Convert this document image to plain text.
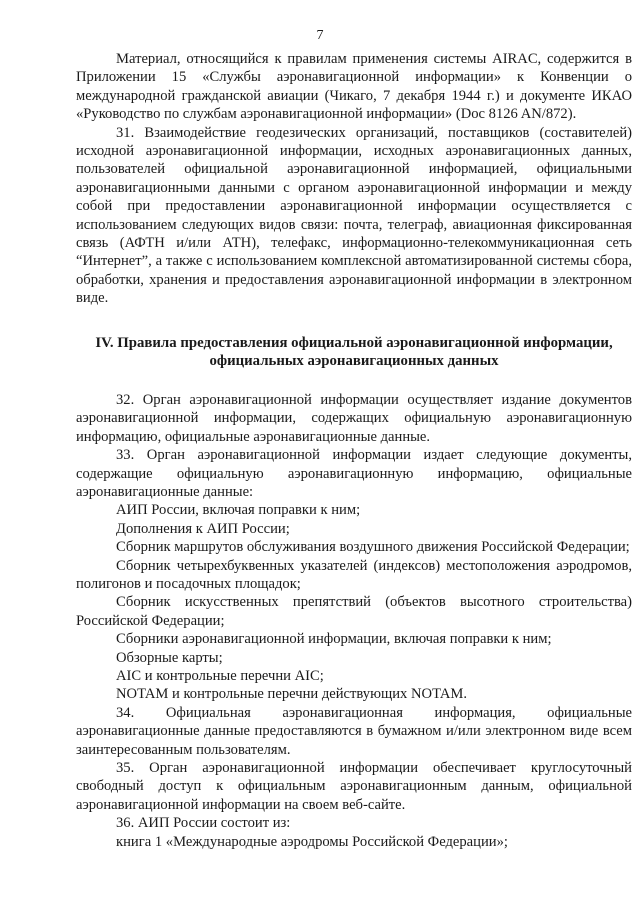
7

Материал, относящийся к правилам применения системы AIRAC, содержится в Приложении 15 «Службы аэронавигационной информации» к Конвенции о международной гражданской авиации (Чикаго, 7 декабря 1944 г.) и документе ИКАО «Руководство по службам аэронавигационной информации» (Doc 8126 AN/872).

31. Взаимодействие геодезических организаций, поставщиков (составителей) исходной аэронавигационной информации, исходных аэронавигационных данных, пользователей официальной аэронавигационной информацией, официальными аэронавигационными данными с органом аэронавигационной информации и между собой при предоставлении аэронавигационной информации осуществляется с использованием следующих видов связи: почта, телеграф, авиационная фиксированная связь (АФТН и/или АТН), телефакс, информационно-телекоммуникационная сеть “Интернет”, а также с использованием комплексной автоматизированной системы сбора, обработки, хранения и предоставления аэронавигационной информации в электронном виде.

IV. Правила предоставления официальной аэронавигационной информации,
официальных аэронавигационных данных

32. Орган аэронавигационной информации осуществляет издание документов аэронавигационной информации, содержащих официальную аэронавигационную информацию, официальные аэронавигационные данные.

33. Орган аэронавигационной информации издает следующие документы, содержащие официальную аэронавигационную информацию, официальные аэронавигационные данные:

АИП России, включая поправки к ним;

Дополнения к АИП России;

Сборник маршрутов обслуживания воздушного движения Российской Федерации;

Сборник четырехбуквенных указателей (индексов) местоположения аэродромов, полигонов и посадочных площадок;

Сборник искусственных препятствий (объектов высотного строительства) Российской Федерации;

Сборники аэронавигационной информации, включая поправки к ним;

Обзорные карты;

AIC и контрольные перечни AIC;

NOTAM и контрольные перечни действующих NOTAM.

34. Официальная аэронавигационная информация, официальные аэронавигационные данные предоставляются в бумажном и/или электронном виде всем заинтересованным пользователям.

35. Орган аэронавигационной информации обеспечивает круглосуточный свободный доступ к официальным аэронавигационным данным, официальной аэронавигационной информации на своем веб-сайте.

36. АИП России состоит из:

книга 1 «Международные аэродромы Российской Федерации»;
